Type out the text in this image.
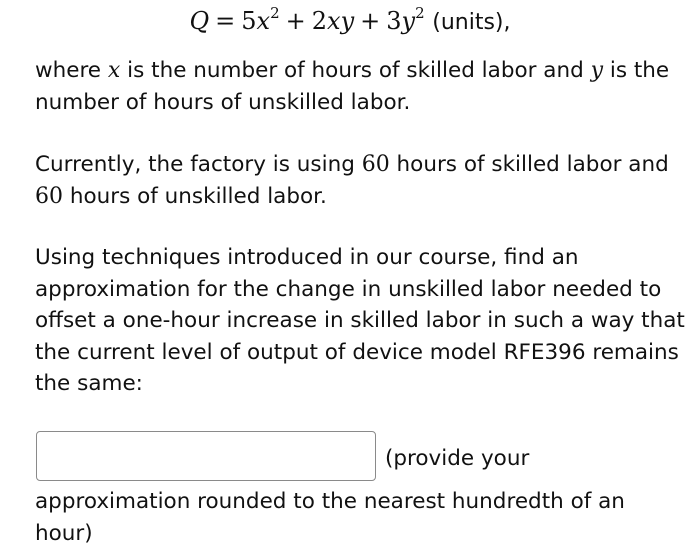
$Q = 5x^2 + 2xy + 3y^2$ (units),

where x is the number of hours of skilled labor and y is the number of hours of unskilled labor.

Currently, the factory is using 60 hours of skilled labor and 60 hours of unskilled labor.

Using techniques introduced in our course, find an approximation for the change in unskilled labor needed to offset a one-hour increase in skilled labor in such a way that the current level of output of device model RFE396 remains the same:

(provide your

approximation rounded to the nearest hundredth of an hour)
